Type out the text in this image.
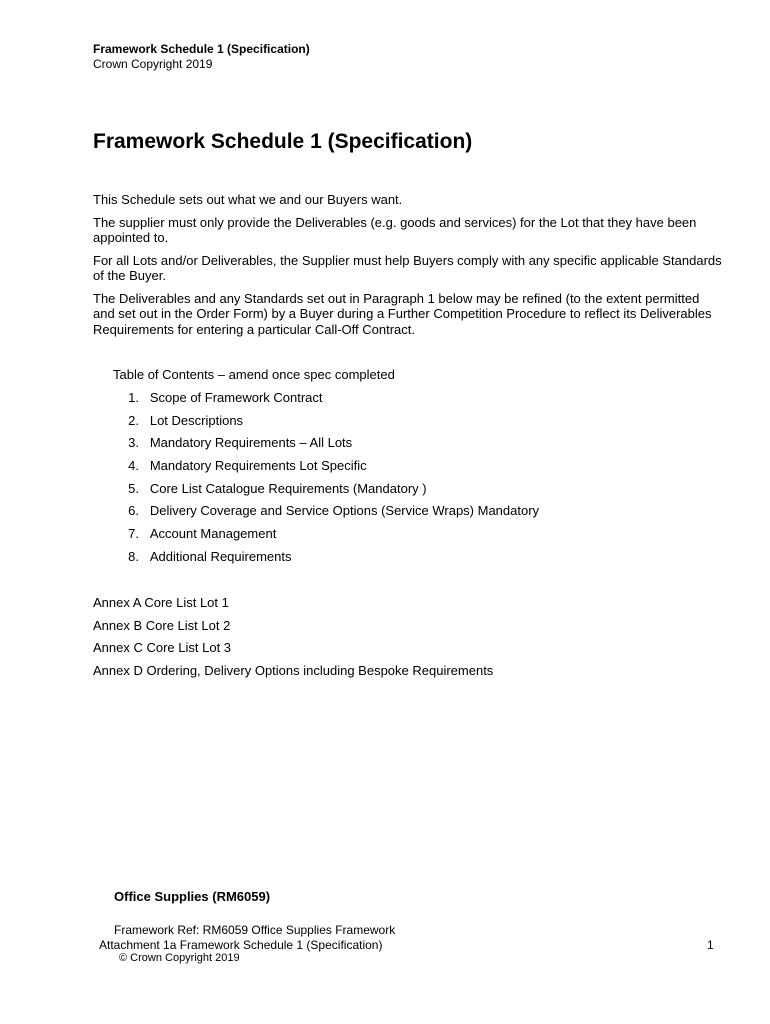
Framework Schedule 1 (Specification)
Crown Copyright 2019
Framework Schedule 1 (Specification)

This Schedule sets out what we and our Buyers want.

The supplier must only provide the Deliverables (e.g. goods and services) for the Lot that they have been appointed to.

For all Lots and/or Deliverables, the Supplier must help Buyers comply with any specific applicable Standards of the Buyer.

The Deliverables and any Standards set out in Paragraph 1 below may be refined (to the extent permitted and set out in the Order Form) by a Buyer during a Further Competition Procedure to reflect its Deliverables Requirements for entering a particular Call-Off Contract.

Table of Contents – amend once spec completed
1. Scope of Framework Contract
2. Lot Descriptions
3. Mandatory Requirements – All Lots
4. Mandatory Requirements Lot Specific
5. Core List Catalogue Requirements (Mandatory )
6. Delivery Coverage and Service Options (Service Wraps) Mandatory
7. Account Management
8. Additional Requirements
Annex A Core List Lot 1
Annex B Core List Lot 2
Annex C Core List Lot 3
Annex D Ordering, Delivery Options including Bespoke Requirements
Office Supplies (RM6059)
Framework Ref: RM6059 Office Supplies Framework
Attachment 1a Framework Schedule 1 (Specification)	1
© Crown Copyright 2019
